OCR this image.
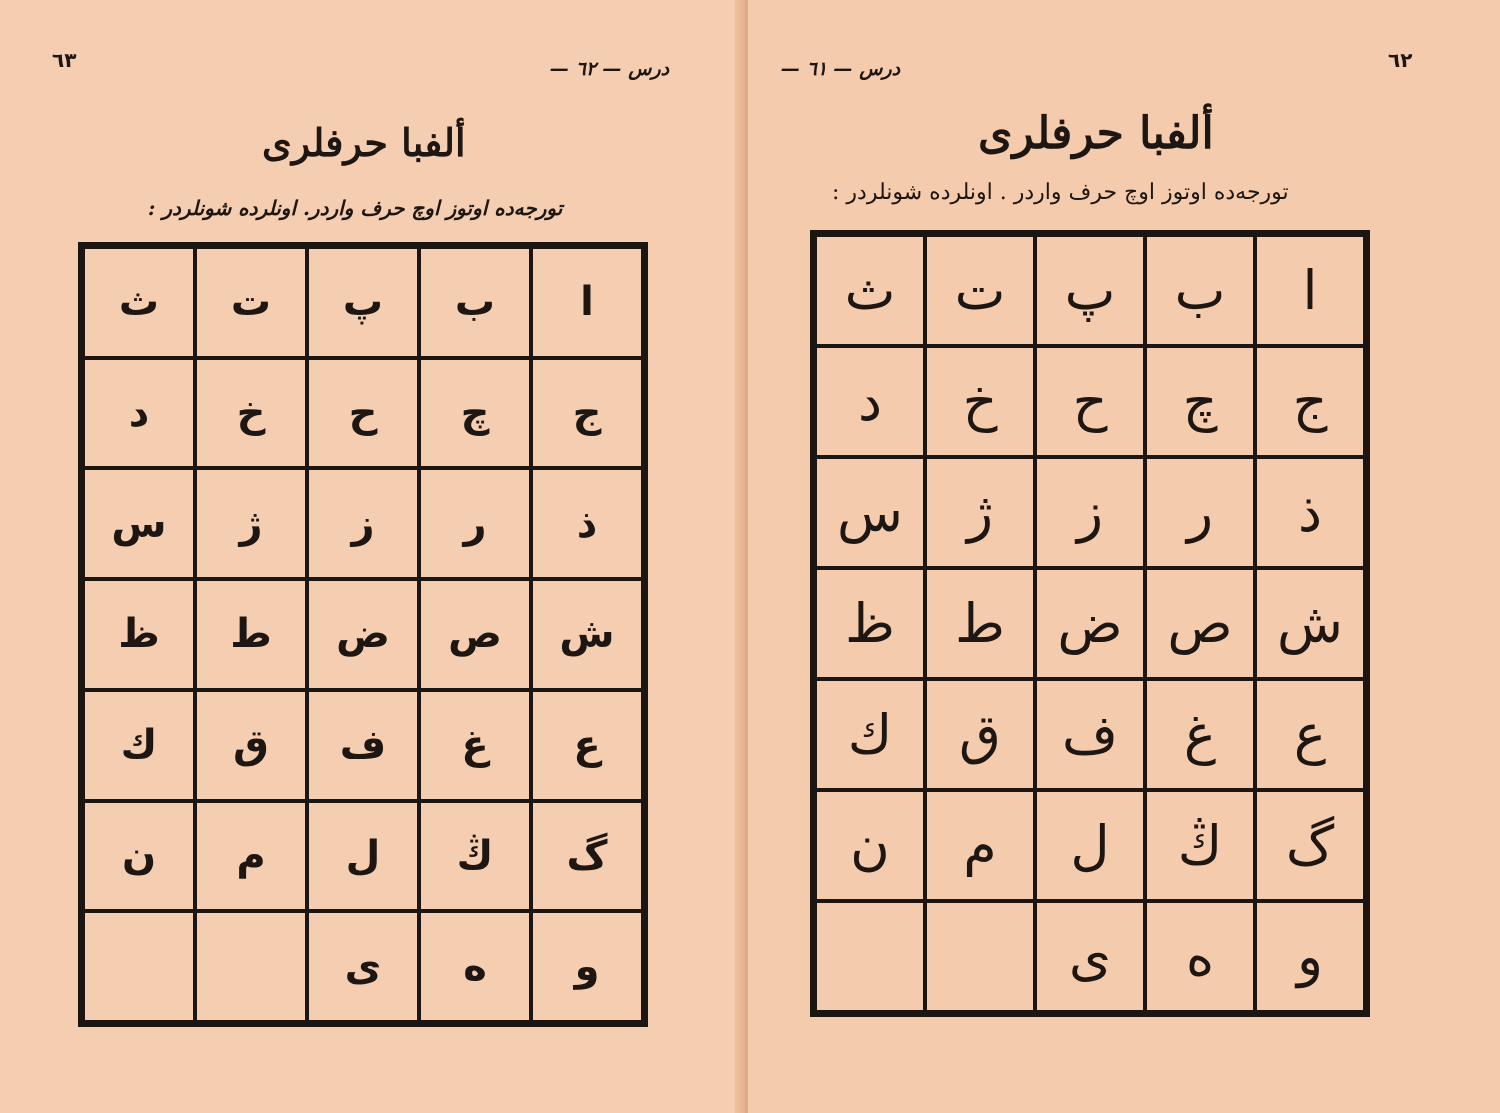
٦٣	درس — ٦٢ —
ألفبا حرفلری
تورجه‌ده اوتوز اوچ حرف واردر. اونلرده شونلردر :
ا
ب
پ
ت
ث
ج
چ
ح
خ
د
ذ
ر
ز
ژ
س
ش
ص
ض
ط
ظ
ع
غ
ف
ق
ك
گ
ڭ
ل
م
ن
و
ه
ى
٦٢
درس — ٦١ —
ألفبا حرفلری
تورجه‌ده اوتوز اوچ حرف واردر . اونلرده شونلردر :
ا
ب
پ
ت
ث
ج
چ
ح
خ
د
ذ
ر
ز
ژ
س
ش
ص
ض
ط
ظ
ع
غ
ف
ق
ك
گ
ڭ
ل
م
ن
و
ه
ى
